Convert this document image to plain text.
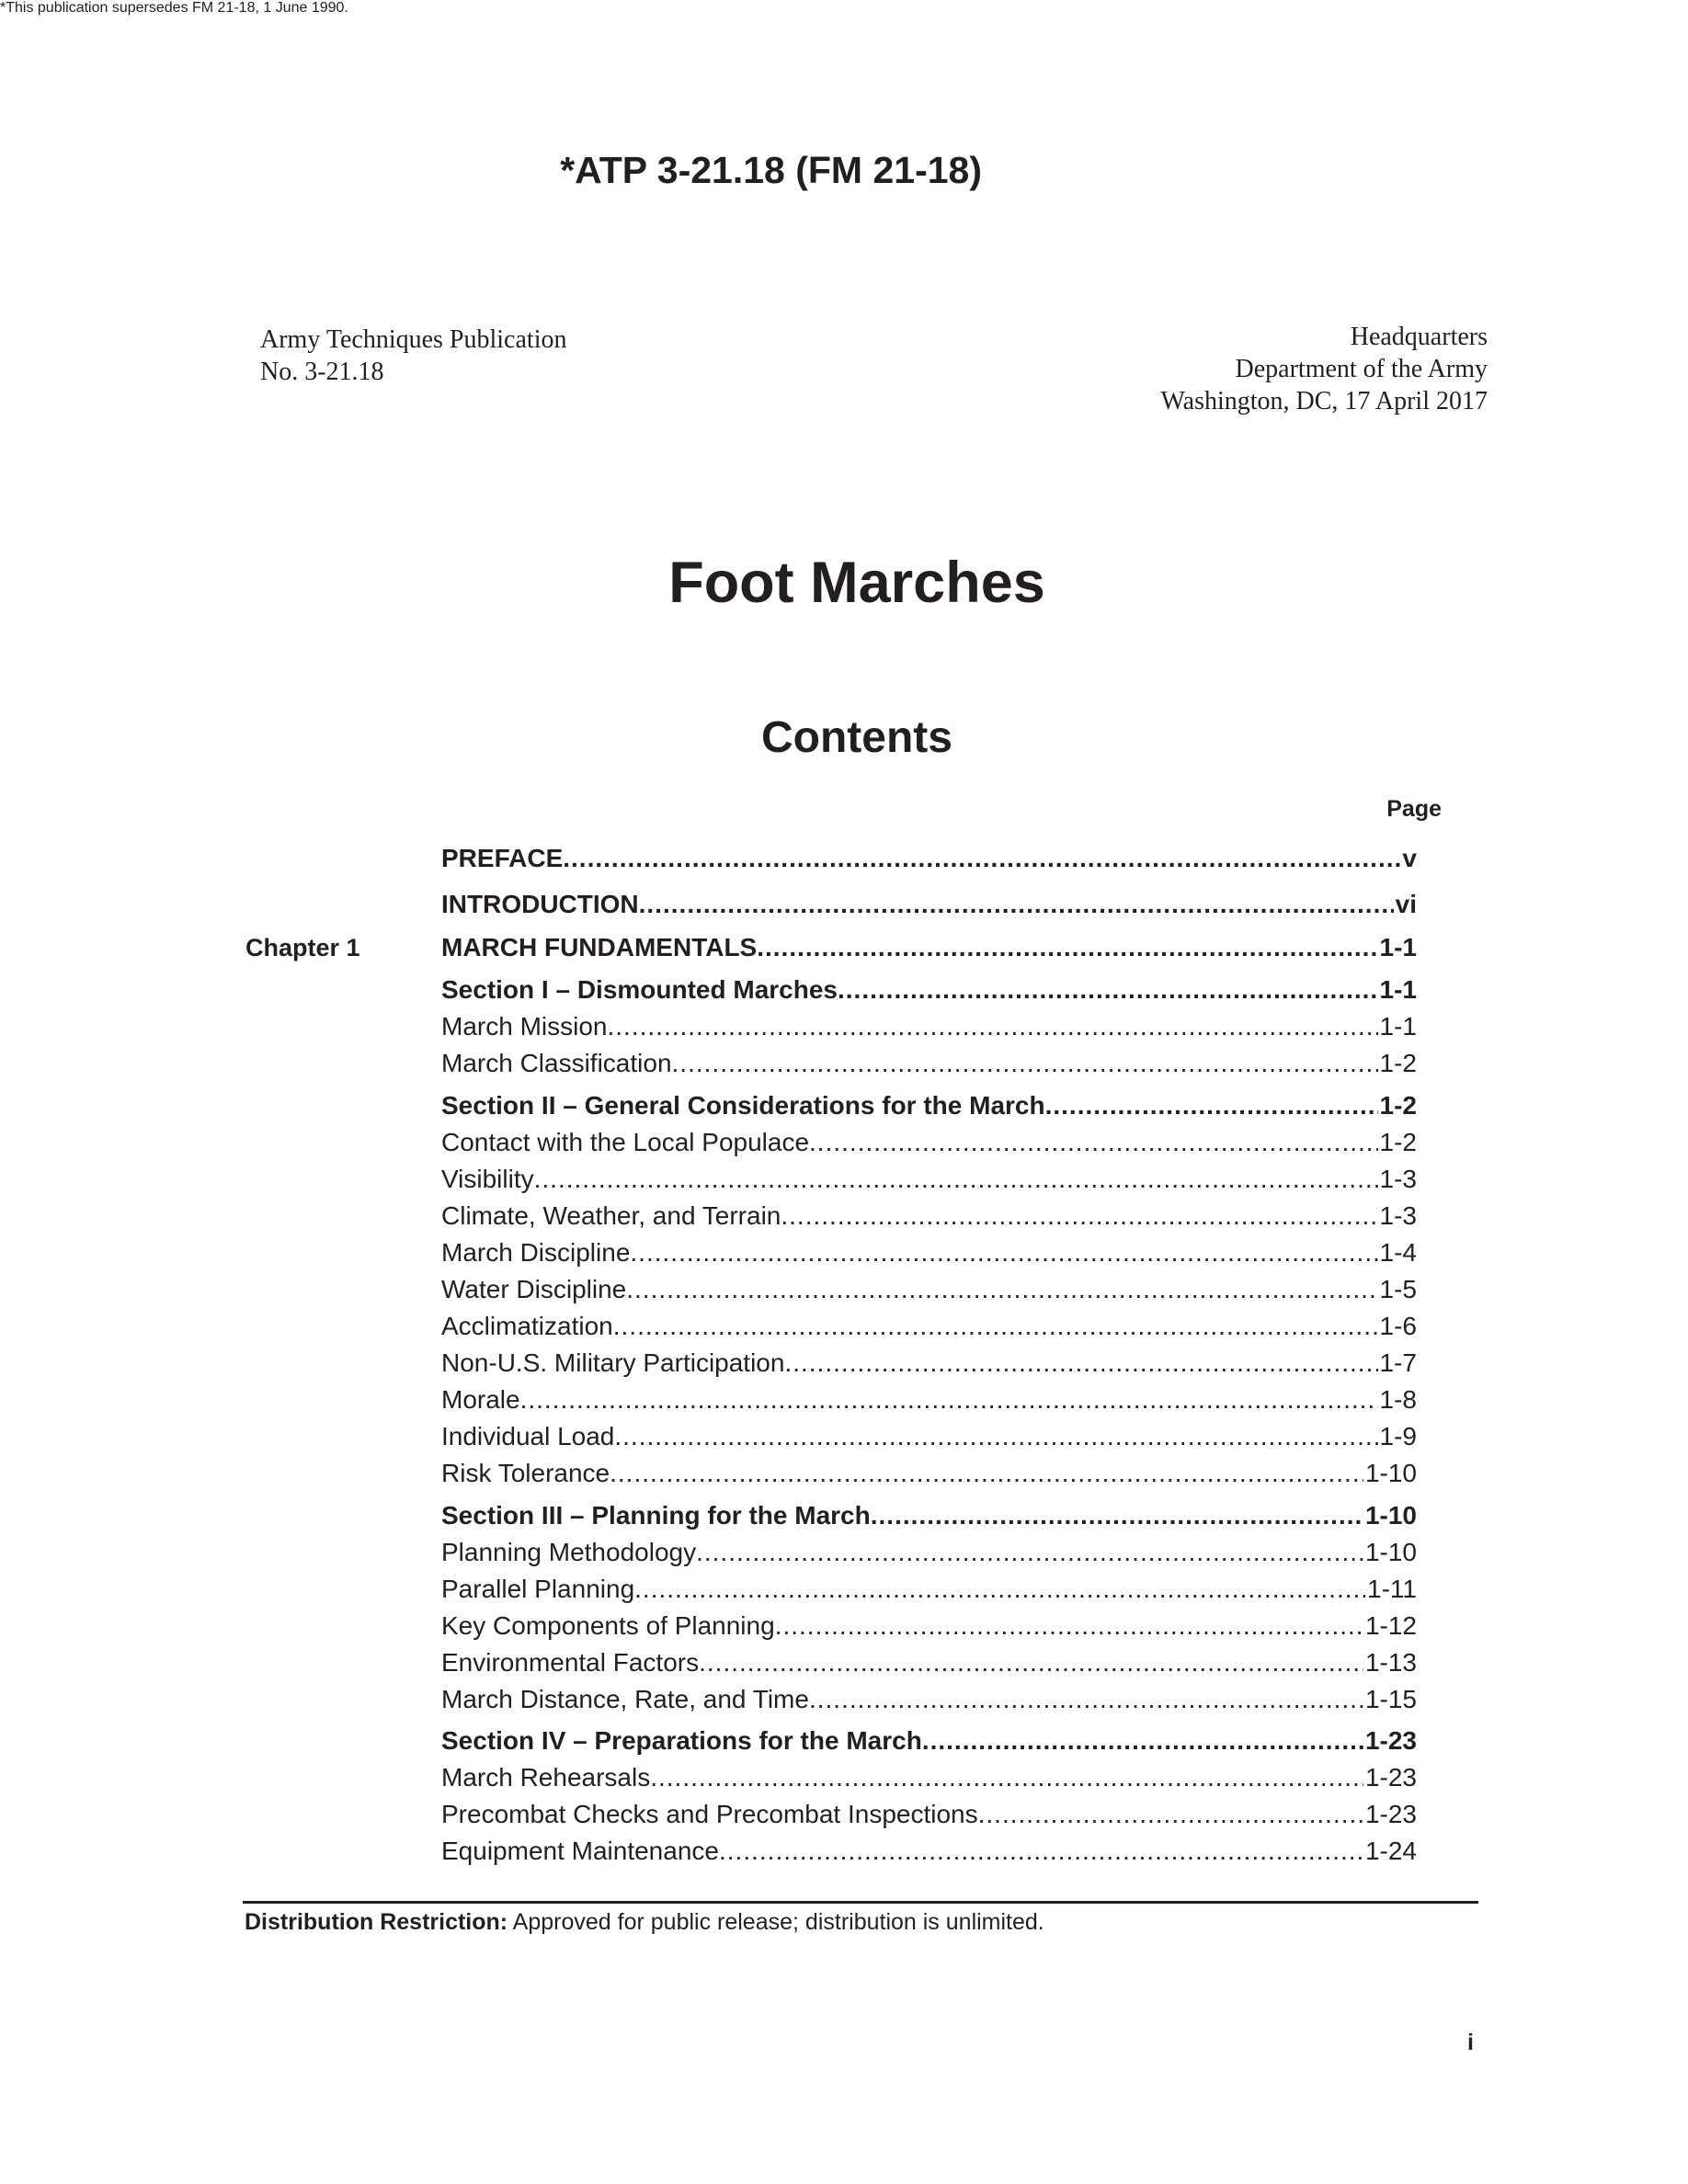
*ATP 3-21.18 (FM 21-18)
Army Techniques Publication
No. 3-21.18
Headquarters
Department of the Army
Washington, DC, 17 April 2017
Foot Marches
Contents
Page
Chapter 1
PREFACE .....	v
INTRODUCTION .....	vi
MARCH FUNDAMENTALS .....	1-1
Section I – Dismounted Marches .....	1-1
March Mission .....	1-1
March Classification .....	1-2
Section II – General Considerations for the March .....	1-2
Contact with the Local Populace .....	1-2
Visibility .....	1-3
Climate, Weather, and Terrain .....	1-3
March Discipline .....	1-4
Water Discipline .....	1-5
Acclimatization .....	1-6
Non-U.S. Military Participation .....	1-7
Morale .....	1-8
Individual Load .....	1-9
Risk Tolerance .....	1-10
Section III – Planning for the March .....	1-10
Planning Methodology .....	1-10
Parallel Planning .....	1-11
Key Components of Planning .....	1-12
Environmental Factors .....	1-13
March Distance, Rate, and Time .....	1-15
Section IV – Preparations for the March .....	1-23
March Rehearsals .....	1-23
Precombat Checks and Precombat Inspections .....	1-23
Equipment Maintenance .....	1-24
Distribution Restriction: Approved for public release; distribution is unlimited.
*This publication supersedes FM 21-18, 1 June 1990.
i
